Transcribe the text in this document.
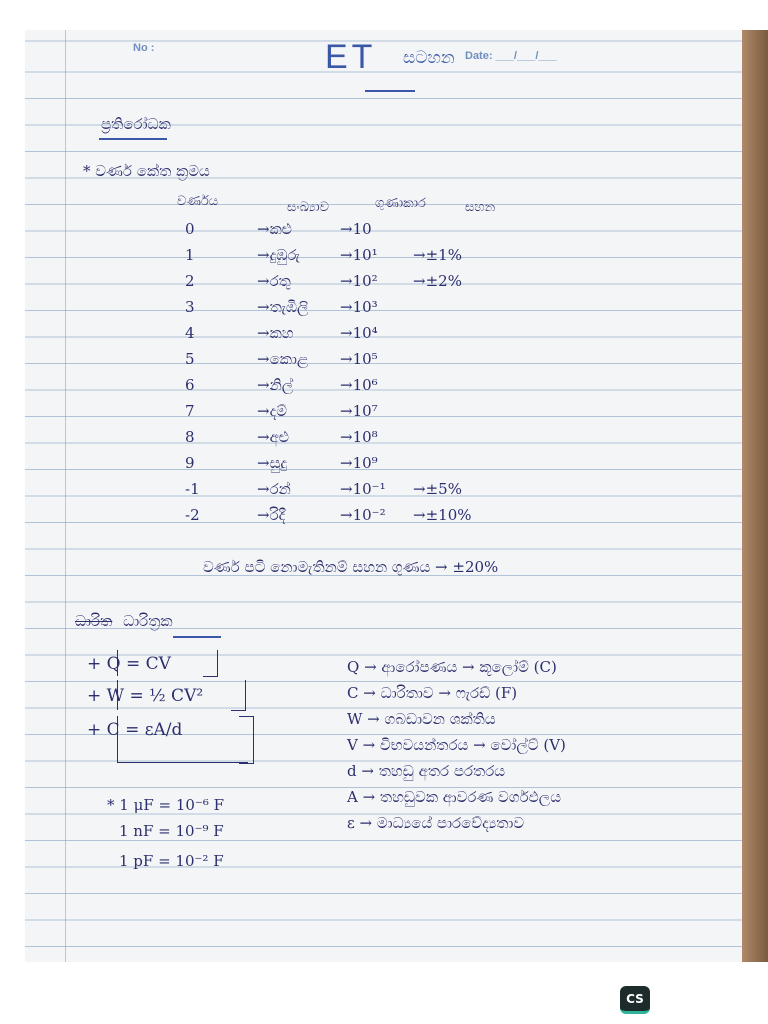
No :
Date: ___/___/___
ET සටහන
ප්‍රතිරෝධක
* වර්ණ කේත ක්‍රමය
වර්ණය	සංඛ්‍යාව	ගුණාකාර	සහන
0	→ කළු	→ 10
1	→ දුඹුරු	→ 10¹ → ±1%
2	→ රතු	→ 10² → ±2%
3	→ තැඹිලි → 10³
4	→ කහ	→ 10⁴
5	→ කොළ → 10⁵
6	→ නිල්	→ 10⁶
7	→ දම්	→ 10⁷
8	→ අළු	→ 10⁸
9	→ සුදු	→ 10⁹
-1	→ රන්	→ 10⁻¹ → ±5%
-2	→ රිදී	→ 10⁻² → ±10%
වර්ණ පටි නොමැතිනම් සහන ගුණය → ±20%
ධාරිත ධාරිත්‍රක
+ Q = CV
+ W = ½ CV²
+ C = εA/d
* 1 μF = 10⁻⁶ F
1 nF = 10⁻⁹ F
1 pF = 10⁻² F
Q → ආරෝපණය → කූලෝම් (C)
C → ධාරිතාව → ෆැරඩ් (F)
W → ගබඩාවන ශක්තිය
V → විභවයන්තරය → වෝල්ට් (V)
d → තහඩු අතර පරතරය
A → තහඩුවක ආවරණ වර්ගඵලය
ε → මාධ්‍යයේ පාරවේද්‍යතාව
CS
